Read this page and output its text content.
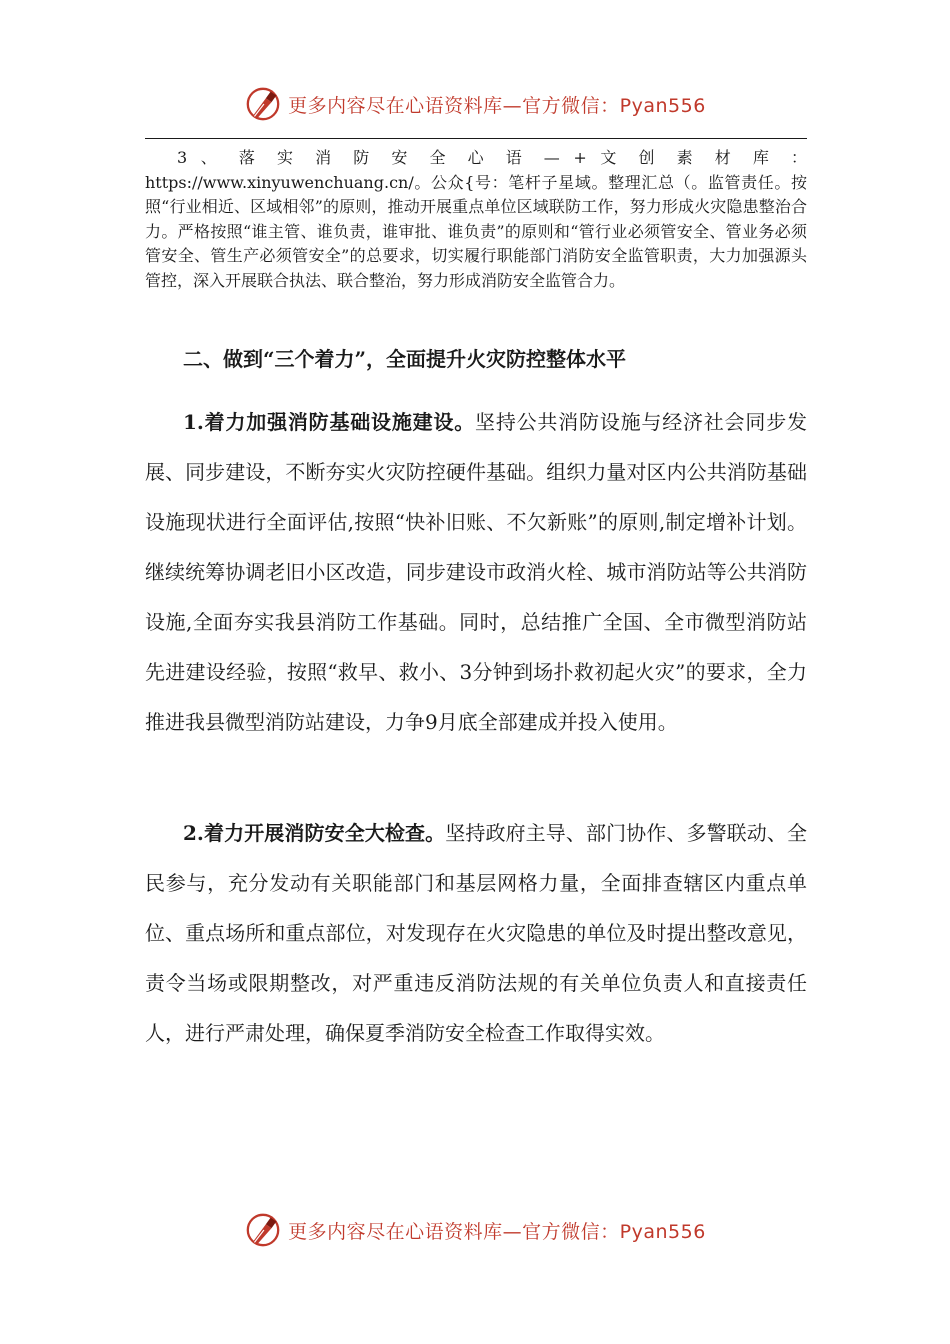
更多内容尽在心语资料库—官方微信：Pyan556

3 、 落 实 消 防 安 全 心 语 — + 文 创 素 材 库 ： https://www.xinyuwenchuang.cn/。公众{号：笔杆子星域。整理汇总（。监管责任。按照“行业相近、区域相邻”的原则，推动开展重点单位区域联防工作，努力形成火灾隐患整治合力。严格按照“谁主管、谁负责，谁审批、谁负责”的原则和“管行业必须管安全、管业务必须管安全、管生产必须管安全”的总要求，切实履行职能部门消防安全监管职责，大力加强源头管控，深入开展联合执法、联合整治，努力形成消防安全监管合力。

二、做到“三个着力”，全面提升火灾防控整体水平

1.着力加强消防基础设施建设。坚持公共消防设施与经济社会同步发展、同步建设，不断夯实火灾防控硬件基础。组织力量对区内公共消防基础设施现状进行全面评估,按照“快补旧账、不欠新账”的原则,制定增补计划。继续统筹协调老旧小区改造，同步建设市政消火栓、城市消防站等公共消防设施,全面夯实我县消防工作基础。同时，总结推广全国、全市微型消防站先进建设经验，按照“救早、救小、3分钟到场扑救初起火灾”的要求，全力推进我县微型消防站建设，力争9月底全部建成并投入使用。

2.着力开展消防安全大检查。坚持政府主导、部门协作、多警联动、全民参与，充分发动有关职能部门和基层网格力量，全面排查辖区内重点单位、重点场所和重点部位，对发现存在火灾隐患的单位及时提出整改意见，责令当场或限期整改，对严重违反消防法规的有关单位负责人和直接责任人，进行严肃处理，确保夏季消防安全检查工作取得实效。

更多内容尽在心语资料库—官方微信：Pyan556
